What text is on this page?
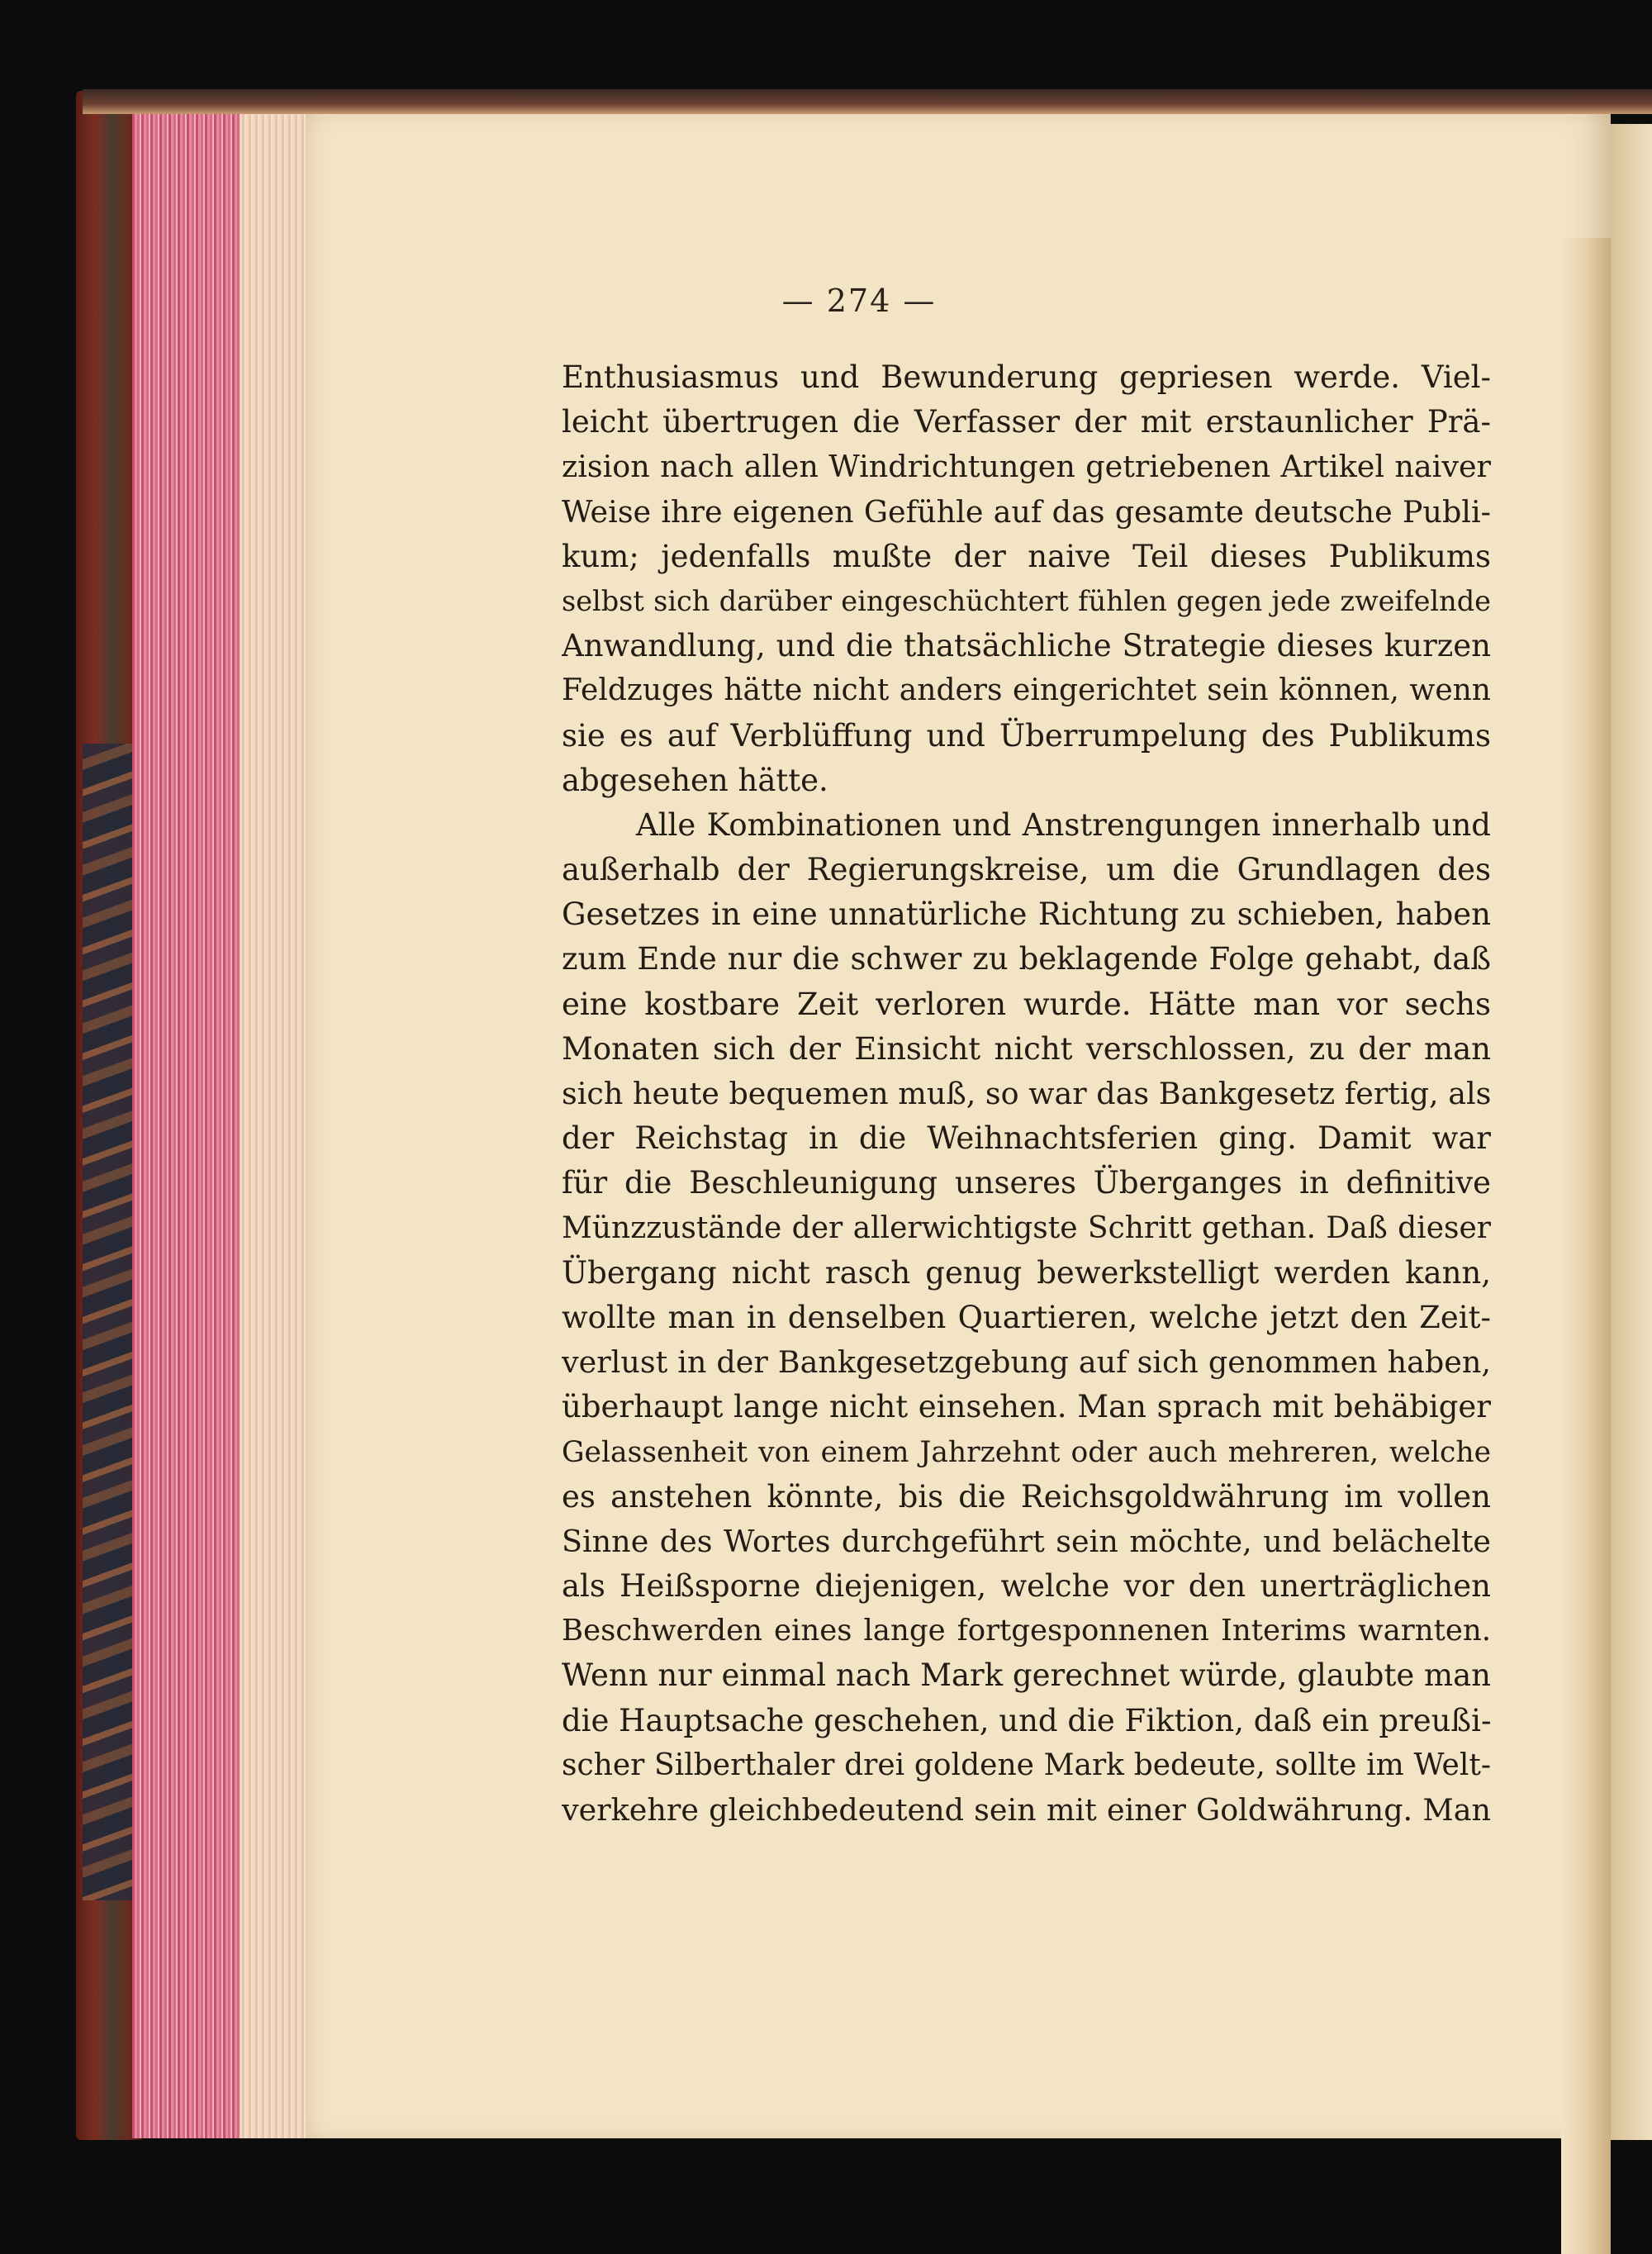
— 274 —
Enthusiasmus und Bewunderung gepriesen werde. Viel-
leicht übertrugen die Verfasser der mit erstaunlicher Prä-
zision nach allen Windrichtungen getriebenen Artikel naiver
Weise ihre eigenen Gefühle auf das gesamte deutsche Publi-
kum; jedenfalls mußte der naive Teil dieses Publikums
selbst sich darüber eingeschüchtert fühlen gegen jede zweifelnde
Anwandlung, und die thatsächliche Strategie dieses kurzen
Feldzuges hätte nicht anders eingerichtet sein können, wenn
sie es auf Verblüffung und Überrumpelung des Publikums
abgesehen hätte.
Alle Kombinationen und Anstrengungen innerhalb und
außerhalb der Regierungskreise, um die Grundlagen des
Gesetzes in eine unnatürliche Richtung zu schieben, haben
zum Ende nur die schwer zu beklagende Folge gehabt, daß
eine kostbare Zeit verloren wurde. Hätte man vor sechs
Monaten sich der Einsicht nicht verschlossen, zu der man
sich heute bequemen muß, so war das Bankgesetz fertig, als
der Reichstag in die Weihnachtsferien ging. Damit war
für die Beschleunigung unseres Überganges in definitive
Münzzustände der allerwichtigste Schritt gethan. Daß dieser
Übergang nicht rasch genug bewerkstelligt werden kann,
wollte man in denselben Quartieren, welche jetzt den Zeit-
verlust in der Bankgesetzgebung auf sich genommen haben,
überhaupt lange nicht einsehen. Man sprach mit behäbiger
Gelassenheit von einem Jahrzehnt oder auch mehreren, welche
es anstehen könnte, bis die Reichsgoldwährung im vollen
Sinne des Wortes durchgeführt sein möchte, und belächelte
als Heißsporne diejenigen, welche vor den unerträglichen
Beschwerden eines lange fortgesponnenen Interims warnten.
Wenn nur einmal nach Mark gerechnet würde, glaubte man
die Hauptsache geschehen, und die Fiktion, daß ein preußi-
scher Silberthaler drei goldene Mark bedeute, sollte im Welt-
verkehre gleichbedeutend sein mit einer Goldwährung. Man
